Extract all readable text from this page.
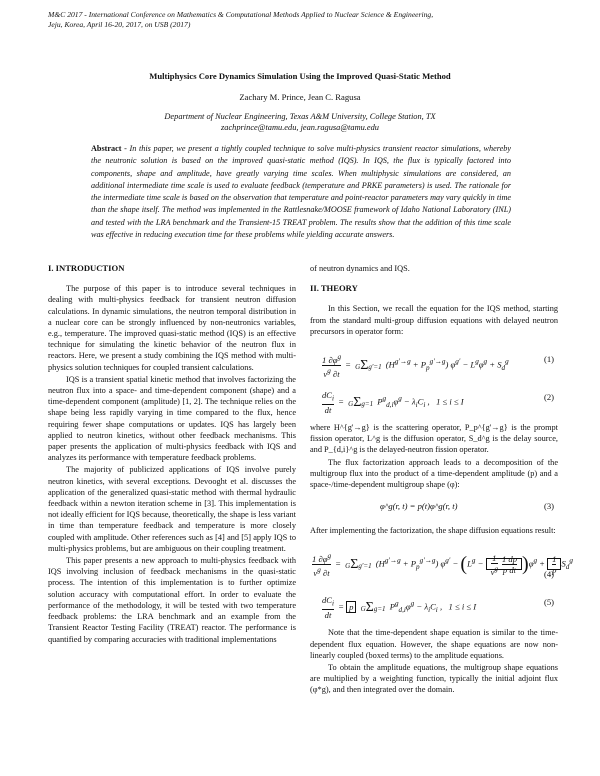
M&C 2017 - International Conference on Mathematics & Computational Methods Applied to Nuclear Science & Engineering,
Jeju, Korea, April 16-20, 2017, on USB (2017)
Multiphysics Core Dynamics Simulation Using the Improved Quasi-Static Method
Zachary M. Prince, Jean C. Ragusa
Department of Nuclear Engineering, Texas A&M University, College Station, TX
zachprince@tamu.edu, jean.ragusa@tamu.edu
Abstract - In this paper, we present a tightly coupled technique to solve multi-physics transient reactor simulations, whereby the neutronic solution is based on the improved quasi-static method (IQS). In IQS, the flux is typically factored into components, shape and amplitude, have greatly varying time scales. When multiphysic simulations are considered, an additional intermediate time scale is used to evaluate feedback (temperature and PRKE parameters) is used. The rationale for the intermediate time scale is based on the observation that temperature and point-reactor parameters may vary quickly in time than the shape itself. The method was implemented in the Rattlesnake/MOOSE framework of Idaho National Laboratory (INL) and tested with the LRA benchmark and the Transient-15 TREAT problem. The results show that the addition of this time scale was effective in reducing execution time for these problems while yielding accurate answers.
I. INTRODUCTION

The purpose of this paper is to introduce several techniques in dealing with multi-physics feedback for transient neutron diffusion calculations. In dynamic simulations, the neutron temporal distribution in a nuclear core can be strongly influenced by non-neutronics variables, e.g., temperature. The improved quasi-static method (IQS) is an effective technique for simulating the kinetic behavior of the neutron flux in reactors. Here, we present a study combining the IQS method with multi-physics solution techniques for coupled transient calculations.

IQS is a transient spatial kinetic method that involves factorizing the neutron flux into a space- and time-dependent component (shape) and a time-dependent component (amplitude) [1, 2]. The technique relies on the shape being less rapidly varying in time compared to the flux, hence requiring fewer shape computations or updates. IQS has largely been applied to neutron kinetics, without other feedback mechanisms. This paper presents the application of multi-physics feedback with IQS and analyzes its performance with temperature feedback problems.

The majority of publicized applications of IQS involve purely neutron kinetics, with several exceptions. Devooght et al. discusses the application of the generalized quasi-static method with thermal hydraulic feedback within a newton iteration scheme in [3]. This implementation is not ideally efficient for IQS because, theoretically, the shape is less variant in time than temperature feedback and temperature is more closely coupled with amplitude. Other references such as [4] and [5] apply IQS to multi-physics problems, but are ambiguous on their coupling treatment.

This paper presents a new approach to multi-physics feedback with IQS involving inclusion of feedback mechanisms in the quasi-static process. The intention of this implementation is to further optimize solution accuracy with computational effort. In order to evaluate the performance of the methodology, it will be tested with two temperature feedback problems: the LRA benchmark and an example from the Transient Reactor Testing Facility (TREAT) reactor. The performance is quantified by comparing accuracies with traditional implementations

of neutron dynamics and IQS.

II. THEORY

In this Section, we recall the equation for the IQS method, starting from the standard multi-group diffusion equations with delayed neutron precursors in operator form:

$\frac{1 \partial\varphi^g}{v^g \partial t} = G\Sigma g'=1$ $(H^{g'\to g} + P_p^{g'\to g}) \varphi^{g'} - L^g\varphi^g + S_d^g$	(1)
$\frac{dC_i}{dt} = G\Sigma g=1$ $P^g_{d,i}\varphi^g - \lambda_iC_i$ ,   1 ≤ i ≤ I	(2)

where H^{g'→g} is the scattering operator, P_p^{g'→g} is the prompt fission operator, L^g is the diffusion operator, S_d^g is the delay source, and P_{d,i}^g is the delayed-neutron fission operator.

The flux factorization approach leads to a decomposition of the multigroup flux into the product of a time-dependent amplitude (p) and a space-/time-dependent multigroup shape (φ):

φ^g(r, t) = p(t)φ^g(r, t)	(3)

After implementing the factorization, the shape diffusion equations result:

$\frac{1 \partial\varphi^g}{v^g \partial t} = G\Sigma g'=1$ $(H^{g'\to g} + P_p^{g'\to g}) \varphi^{g'} - (L^g - \frac{1}{v^g} \frac{1 dp}{\text{p dt}} )\varphi^g + \frac{1}{p} S_d^g$
(4)
$\frac{dC_i}{dt} = p$ GΣg=1 $P^g_{d,i}\varphi^g - \lambda_iC_i$ ,   1 ≤ i ≤ I	(5)

Note that the time-dependent shape equation is similar to the time-dependent flux equation. However, the shape equations are now non-linearly coupled (boxed terms) to the amplitude equations.

To obtain the amplitude equations, the multigroup shape equations are multiplied by a weighting function, typically the initial adjoint flux (φ*g), and then integrated over the domain.
